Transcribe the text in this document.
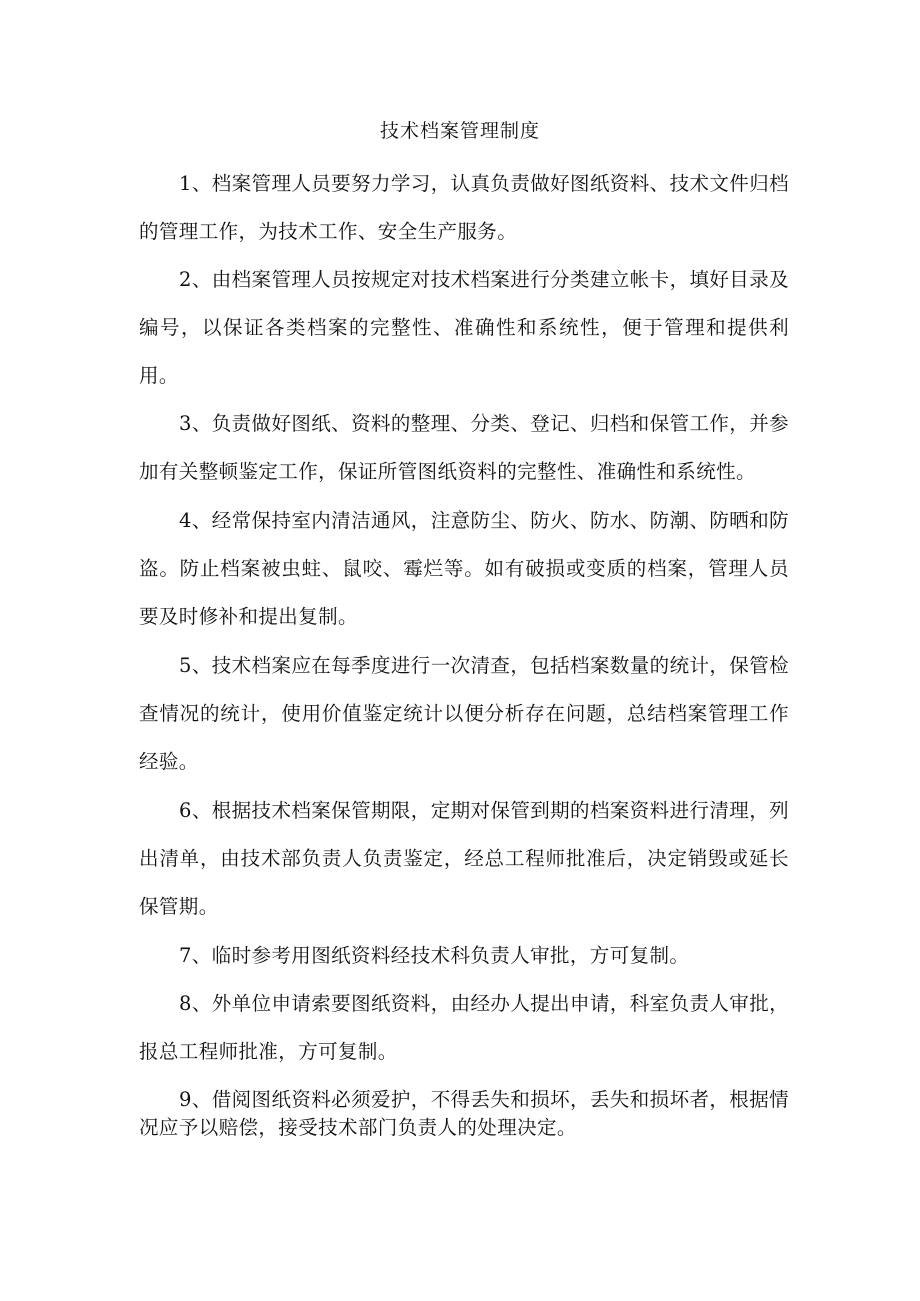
技术档案管理制度

1、档案管理人员要努力学习，认真负责做好图纸资料、技术文件归档的管理工作，为技术工作、安全生产服务。

2、由档案管理人员按规定对技术档案进行分类建立帐卡，填好目录及编号，以保证各类档案的完整性、准确性和系统性，便于管理和提供利用。

3、负责做好图纸、资料的整理、分类、登记、归档和保管工作，并参加有关整顿鉴定工作，保证所管图纸资料的完整性、准确性和系统性。

4、经常保持室内清洁通风，注意防尘、防火、防水、防潮、防晒和防盗。防止档案被虫蛀、鼠咬、霉烂等。如有破损或变质的档案，管理人员要及时修补和提出复制。

5、技术档案应在每季度进行一次清查，包括档案数量的统计，保管检查情况的统计，使用价值鉴定统计以便分析存在问题，总结档案管理工作经验。

6、根据技术档案保管期限，定期对保管到期的档案资料进行清理，列出清单，由技术部负责人负责鉴定，经总工程师批准后，决定销毁或延长保管期。

7、临时参考用图纸资料经技术科负责人审批，方可复制。

8、外单位申请索要图纸资料，由经办人提出申请，科室负责人审批，报总工程师批准，方可复制。

9、借阅图纸资料必须爱护，不得丢失和损坏，丢失和损坏者，根据情况应予以赔偿，接受技术部门负责人的处理决定。
